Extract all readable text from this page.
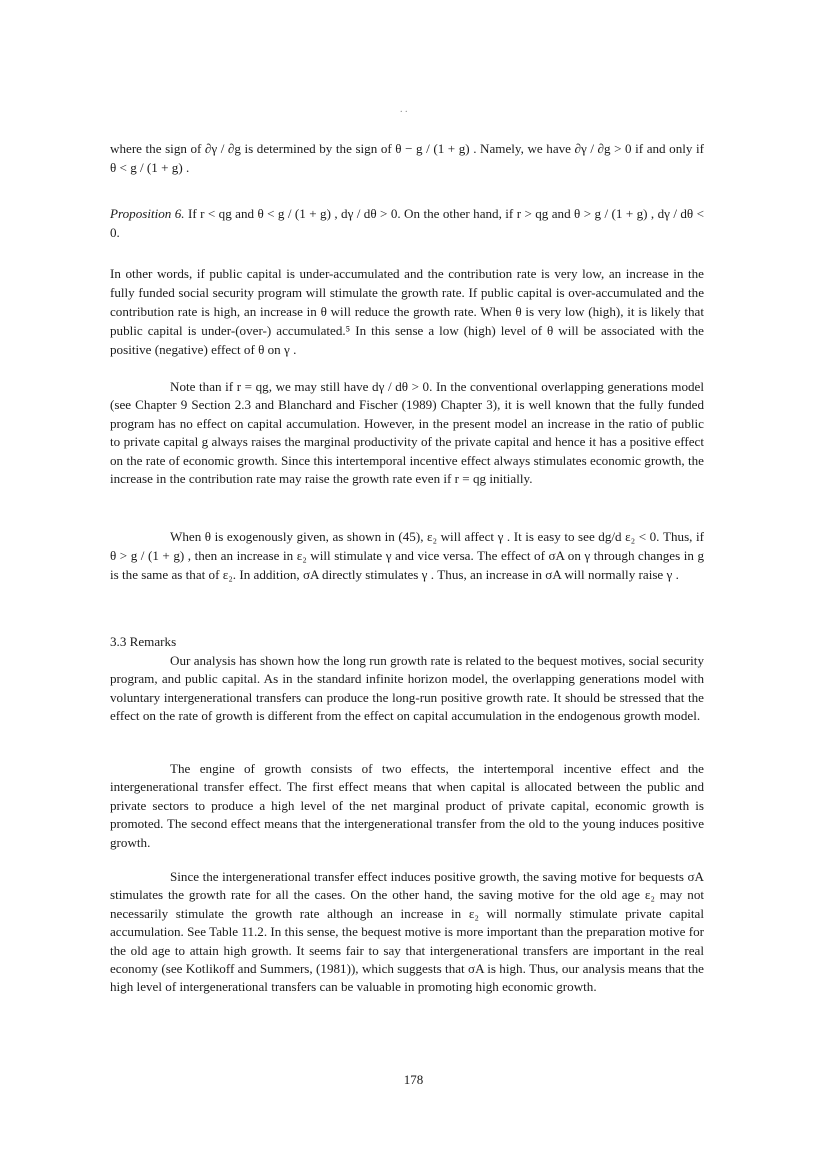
. .

where the sign of ∂γ / ∂g is determined by the sign of θ − g / (1 + g) . Namely, we have ∂γ / ∂g > 0 if and only if θ < g / (1 + g) .

Proposition 6. If r < qg and θ < g / (1 + g) , dγ / dθ > 0. On the other hand, if r > qg and θ > g / (1 + g) , dγ / dθ < 0.

In other words, if public capital is under-accumulated and the contribution rate is very low, an increase in the fully funded social security program will stimulate the growth rate. If public capital is over-accumulated and the contribution rate is high, an increase in θ will reduce the growth rate. When θ is very low (high), it is likely that public capital is under-(over-) accumulated.⁵ In this sense a low (high) level of θ will be associated with the positive (negative) effect of θ on γ .

Note than if r = qg, we may still have dγ / dθ > 0. In the conventional overlapping generations model (see Chapter 9 Section 2.3 and Blanchard and Fischer (1989) Chapter 3), it is well known that the fully funded program has no effect on capital accumulation. However, in the present model an increase in the ratio of public to private capital g always raises the marginal productivity of the private capital and hence it has a positive effect on the rate of economic growth. Since this intertemporal incentive effect always stimulates economic growth, the increase in the contribution rate may raise the growth rate even if r = qg initially.

When θ is exogenously given, as shown in (45), ε₂ will affect γ . It is easy to see dg/d ε₂ < 0. Thus, if θ > g / (1 + g) , then an increase in ε₂ will stimulate γ and vice versa. The effect of σA on γ through changes in g is the same as that of ε₂. In addition, σA directly stimulates γ . Thus, an increase in σA will normally raise γ .

3.3 Remarks

Our analysis has shown how the long run growth rate is related to the bequest motives, social security program, and public capital. As in the standard infinite horizon model, the overlapping generations model with voluntary intergenerational transfers can produce the long-run positive growth rate. It should be stressed that the effect on the rate of growth is different from the effect on capital accumulation in the endogenous growth model.

The engine of growth consists of two effects, the intertemporal incentive effect and the intergenerational transfer effect. The first effect means that when capital is allocated between the public and private sectors to produce a high level of the net marginal product of private capital, economic growth is promoted. The second effect means that the intergenerational transfer from the old to the young induces positive growth.

Since the intergenerational transfer effect induces positive growth, the saving motive for bequests σA stimulates the growth rate for all the cases. On the other hand, the saving motive for the old age ε₂ may not necessarily stimulate the growth rate although an increase in ε₂ will normally stimulate private capital accumulation. See Table 11.2. In this sense, the bequest motive is more important than the preparation motive for the old age to attain high growth. It seems fair to say that intergenerational transfers are important in the real economy (see Kotlikoff and Summers, (1981)), which suggests that σA is high. Thus, our analysis means that the high level of intergenerational transfers can be valuable in promoting high economic growth.

178
